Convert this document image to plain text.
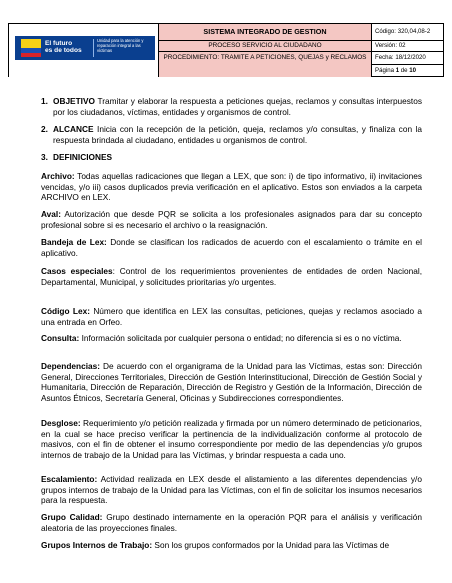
El futuro
es de todos
Unidad para la atención y reparación integral a las víctimas
SISTEMA INTEGRADO DE GESTION
PROCESO SERVICIO AL CIUDADANO
PROCEDIMIENTO: TRAMITE A PETICIONES, QUEJAS y RECLAMOS
Código: 320,04,08-2
Versión: 02
Fecha: 18/12/2020
Página 1 de 10
1. OBJETIVO Tramitar y elaborar la respuesta a peticiones quejas, reclamos y consultas interpuestos por los ciudadanos, víctimas, entidades y organismos de control.
2. ALCANCE Inicia con la recepción de la petición, queja, reclamos y/o consultas, y finaliza con la respuesta brindada al ciudadano, entidades u organismos de control.
3. DEFINICIONES
Archivo: Todas aquellas radicaciones que llegan a LEX, que son: i) de tipo informativo, ii) invitaciones vencidas, y/o iii) casos duplicados previa verificación en el aplicativo. Estos son enviados a la carpeta ARCHIVO en LEX.
Aval: Autorización que desde PQR se solicita a los profesionales asignados para dar su concepto profesional sobre si es necesario el archivo o la reasignación.
Bandeja de Lex: Donde se clasifican los radicados de acuerdo con el escalamiento o trámite en el aplicativo.
Casos especiales: Control de los requerimientos provenientes de entidades de orden Nacional, Departamental, Municipal, y solicitudes prioritarias y/o urgentes.
Código Lex: Número que identifica en LEX las consultas, peticiones, quejas y reclamos asociado a una entrada en Orfeo.
Consulta: Información solicitada por cualquier persona o entidad; no diferencia si es o no víctima.
Dependencias: De acuerdo con el organigrama de la Unidad para las Víctimas, estas son: Dirección General, Direcciones Territoriales, Dirección de Gestión Interinstitucional, Dirección de Gestión Social y Humanitaria, Dirección de Reparación, Dirección de Registro y Gestión de la Información, Dirección de Asuntos Étnicos, Secretaría General, Oficinas y Subdirecciones correspondientes.
Desglose: Requerimiento y/o petición realizada y firmada por un número determinado de peticionarios, en la cual se hace preciso verificar la pertinencia de la individualización conforme al protocolo de masivos, con el fin de obtener el insumo correspondiente por medio de las dependencias y/o grupos internos de trabajo de la Unidad para las Víctimas, y brindar respuesta a cada uno.
Escalamiento: Actividad realizada en LEX desde el alistamiento a las diferentes dependencias y/o grupos internos de trabajo de la Unidad para las Víctimas, con el fin de solicitar los insumos necesarios para la respuesta.
Grupo Calidad: Grupo destinado internamente en la operación PQR para el análisis y verificación aleatoria de las proyecciones finales.
Grupos Internos de Trabajo: Son los grupos conformados por la Unidad para las Víctimas de
